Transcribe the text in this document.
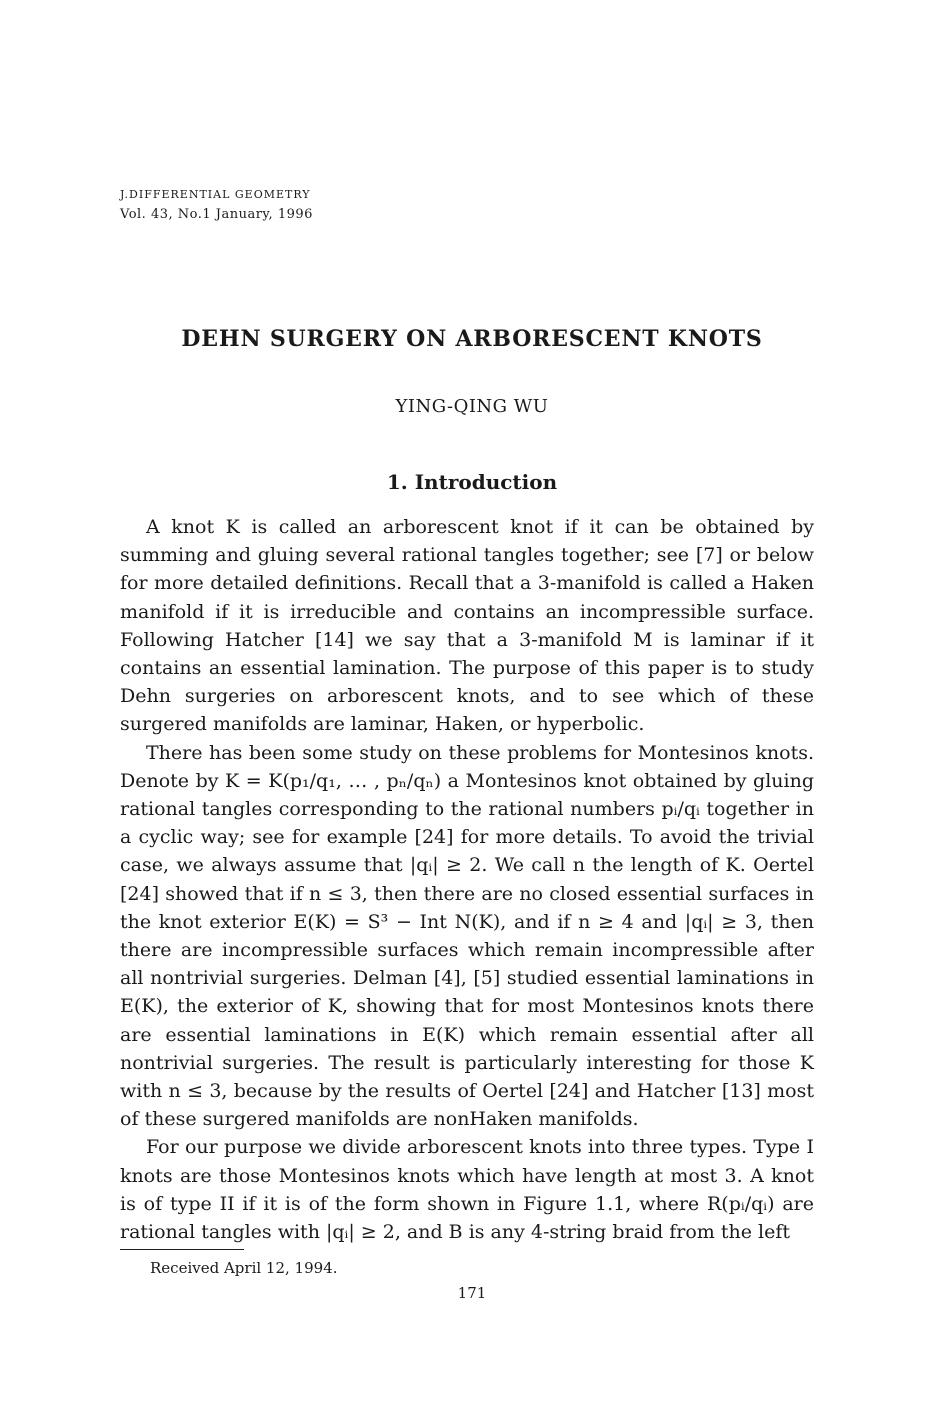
J.DIFFERENTIAL GEOMETRY
Vol. 43, No.1 January, 1996
DEHN SURGERY ON ARBORESCENT KNOTS
YING-QING WU
1. Introduction

A knot K is called an arborescent knot if it can be obtained by summing and gluing several rational tangles together; see [7] or below for more detailed definitions. Recall that a 3-manifold is called a Haken manifold if it is irreducible and contains an incompressible surface. Following Hatcher [14] we say that a 3-manifold M is laminar if it contains an essential lamination. The purpose of this paper is to study Dehn surgeries on arborescent knots, and to see which of these surgered manifolds are laminar, Haken, or hyperbolic.

There has been some study on these problems for Montesinos knots. Denote by K = K(p₁/q₁, … , pₙ/qₙ) a Montesinos knot obtained by gluing rational tangles corresponding to the rational numbers pᵢ/qᵢ together in a cyclic way; see for example [24] for more details. To avoid the trivial case, we always assume that |qᵢ| ≥ 2. We call n the length of K. Oertel [24] showed that if n ≤ 3, then there are no closed essential surfaces in the knot exterior E(K) = S³ − Int N(K), and if n ≥ 4 and |qᵢ| ≥ 3, then there are incompressible surfaces which remain incompressible after all nontrivial surgeries. Delman [4], [5] studied essential laminations in E(K), the exterior of K, showing that for most Montesinos knots there are essential laminations in E(K) which remain essential after all nontrivial surgeries. The result is particularly interesting for those K with n ≤ 3, because by the results of Oertel [24] and Hatcher [13] most of these surgered manifolds are nonHaken manifolds.

For our purpose we divide arborescent knots into three types. Type I knots are those Montesinos knots which have length at most 3. A knot is of type II if it is of the form shown in Figure 1.1, where R(pᵢ/qᵢ) are rational tangles with |qᵢ| ≥ 2, and B is any 4-string braid from the left

Received April 12, 1994.
171
